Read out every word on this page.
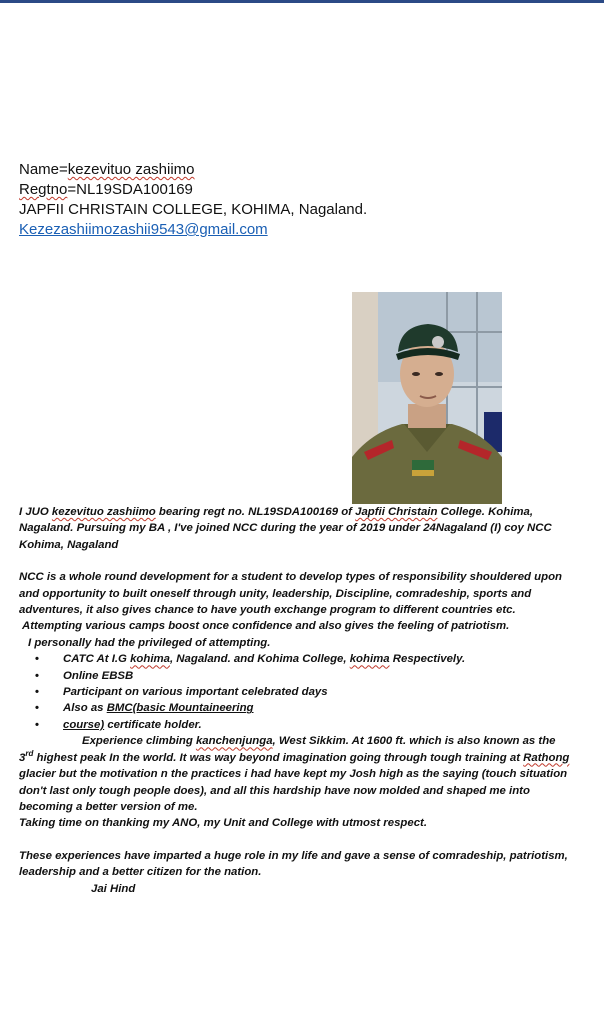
Name=kezevituo zashiimo
Regtno=NL19SDA100169
JAPFII CHRISTAIN COLLEGE, KOHIMA, Nagaland.
Kezezashiimozashii9543@gmail.com

I JUO kezevituo zashiimo bearing regt no. NL19SDA100169 of Japfii Christain College. Kohima, Nagaland. Pursuing my BA , I've joined NCC during the year of 2019 under 24Nagaland (I) coy NCC Kohima, Nagaland

NCC is a whole round development for a student to develop types of responsibility shouldered upon and opportunity to built oneself through unity, leadership, Discipline, comradeship, sports and adventures, it also gives chance to have youth exchange program to different countries etc.

Attempting various camps boost once confidence and also gives the feeling of patriotism.

I personally had the privileged of attempting.

• CATC At I.G kohima, Nagaland. and Kohima College, kohima Respectively.
• Online EBSB
• Participant on various important celebrated days
• Also as BMC(basic Mountaineering
• course) certificate holder.

Experience climbing kanchenjunga, West Sikkim. At 1600 ft. which is also known as the
3rd highest peak In the world. It was way beyond imagination going through tough training at Rathong glacier but the motivation n the practices i had have kept my Josh high as the saying (touch situation don't last only tough people does), and all this hardship have now molded and shaped me into becoming a better version of me.

Taking time on thanking my ANO, my Unit and College with utmost respect.

These experiences have imparted a huge role in my life and gave a sense of comradeship, patriotism, leadership and a better citizen for the nation.

Jai Hind
